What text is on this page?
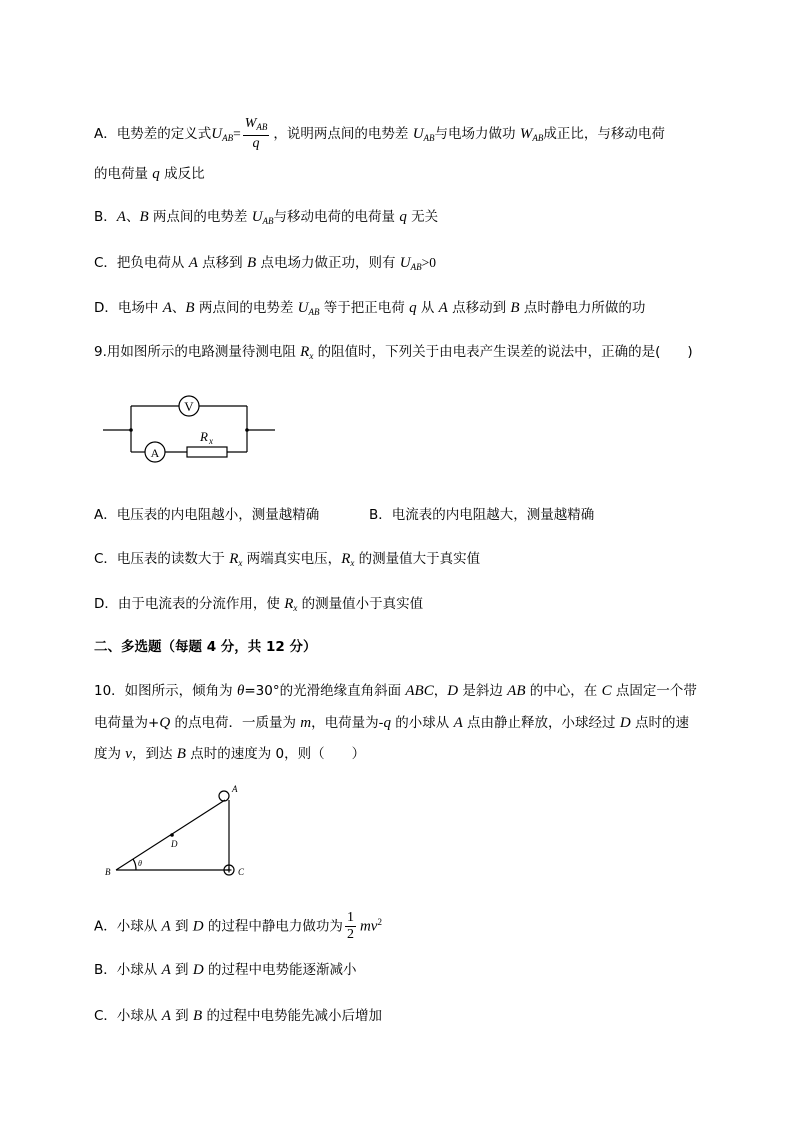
A．电势差的定义式$U_{AB}= \frac{W_{AB}}{q}$ ，说明两点间的电势差 $U_{AB}$与电场力做功 $W_{AB}$成正比，与移动电荷
的电荷量 q 成反比
B．A、B 两点间的电势差 $U_{AB}$与移动电荷的电荷量 q 无关
C．把负电荷从 A 点移到 B 点电场力做正功，则有 $U_{AB}>0$
D．电场中 A、B 两点间的电势差 $U_{AB}$ 等于把正电荷 q 从 A 点移动到 B 点时静电力所做的功
9.用如图所示的电路测量待测电阻 $R_x$ 的阻值时，下列关于由电表产生误差的说法中，正确的是(　　)
V
A
R x
A．电压表的内电阻越小，测量越精确	B．电流表的内电阻越大，测量越精确
C．电压表的读数大于 $R_x$ 两端真实电压，$R_x$ 的测量值大于真实值
D．由于电流表的分流作用，使 $R_x$ 的测量值小于真实值
二、多选题（每题 4 分，共 12 分）
10．如图所示，倾角为 θ=30°的光滑绝缘直角斜面 ABC，D 是斜边 AB 的中心，在 C 点固定一个带
电荷量为+Q 的点电荷．一质量为 m，电荷量为-q 的小球从 A 点由静止释放，小球经过 D 点时的速
度为 v，到达 B 点时的速度为 0，则（　　）
A
B	C
D
θ
A．小球从 A 到 D 的过程中静电力做功为 $\frac{1}{2} mv^2$
B．小球从 A 到 D 的过程中电势能逐渐减小
C．小球从 A 到 B 的过程中电势能先减小后增加
